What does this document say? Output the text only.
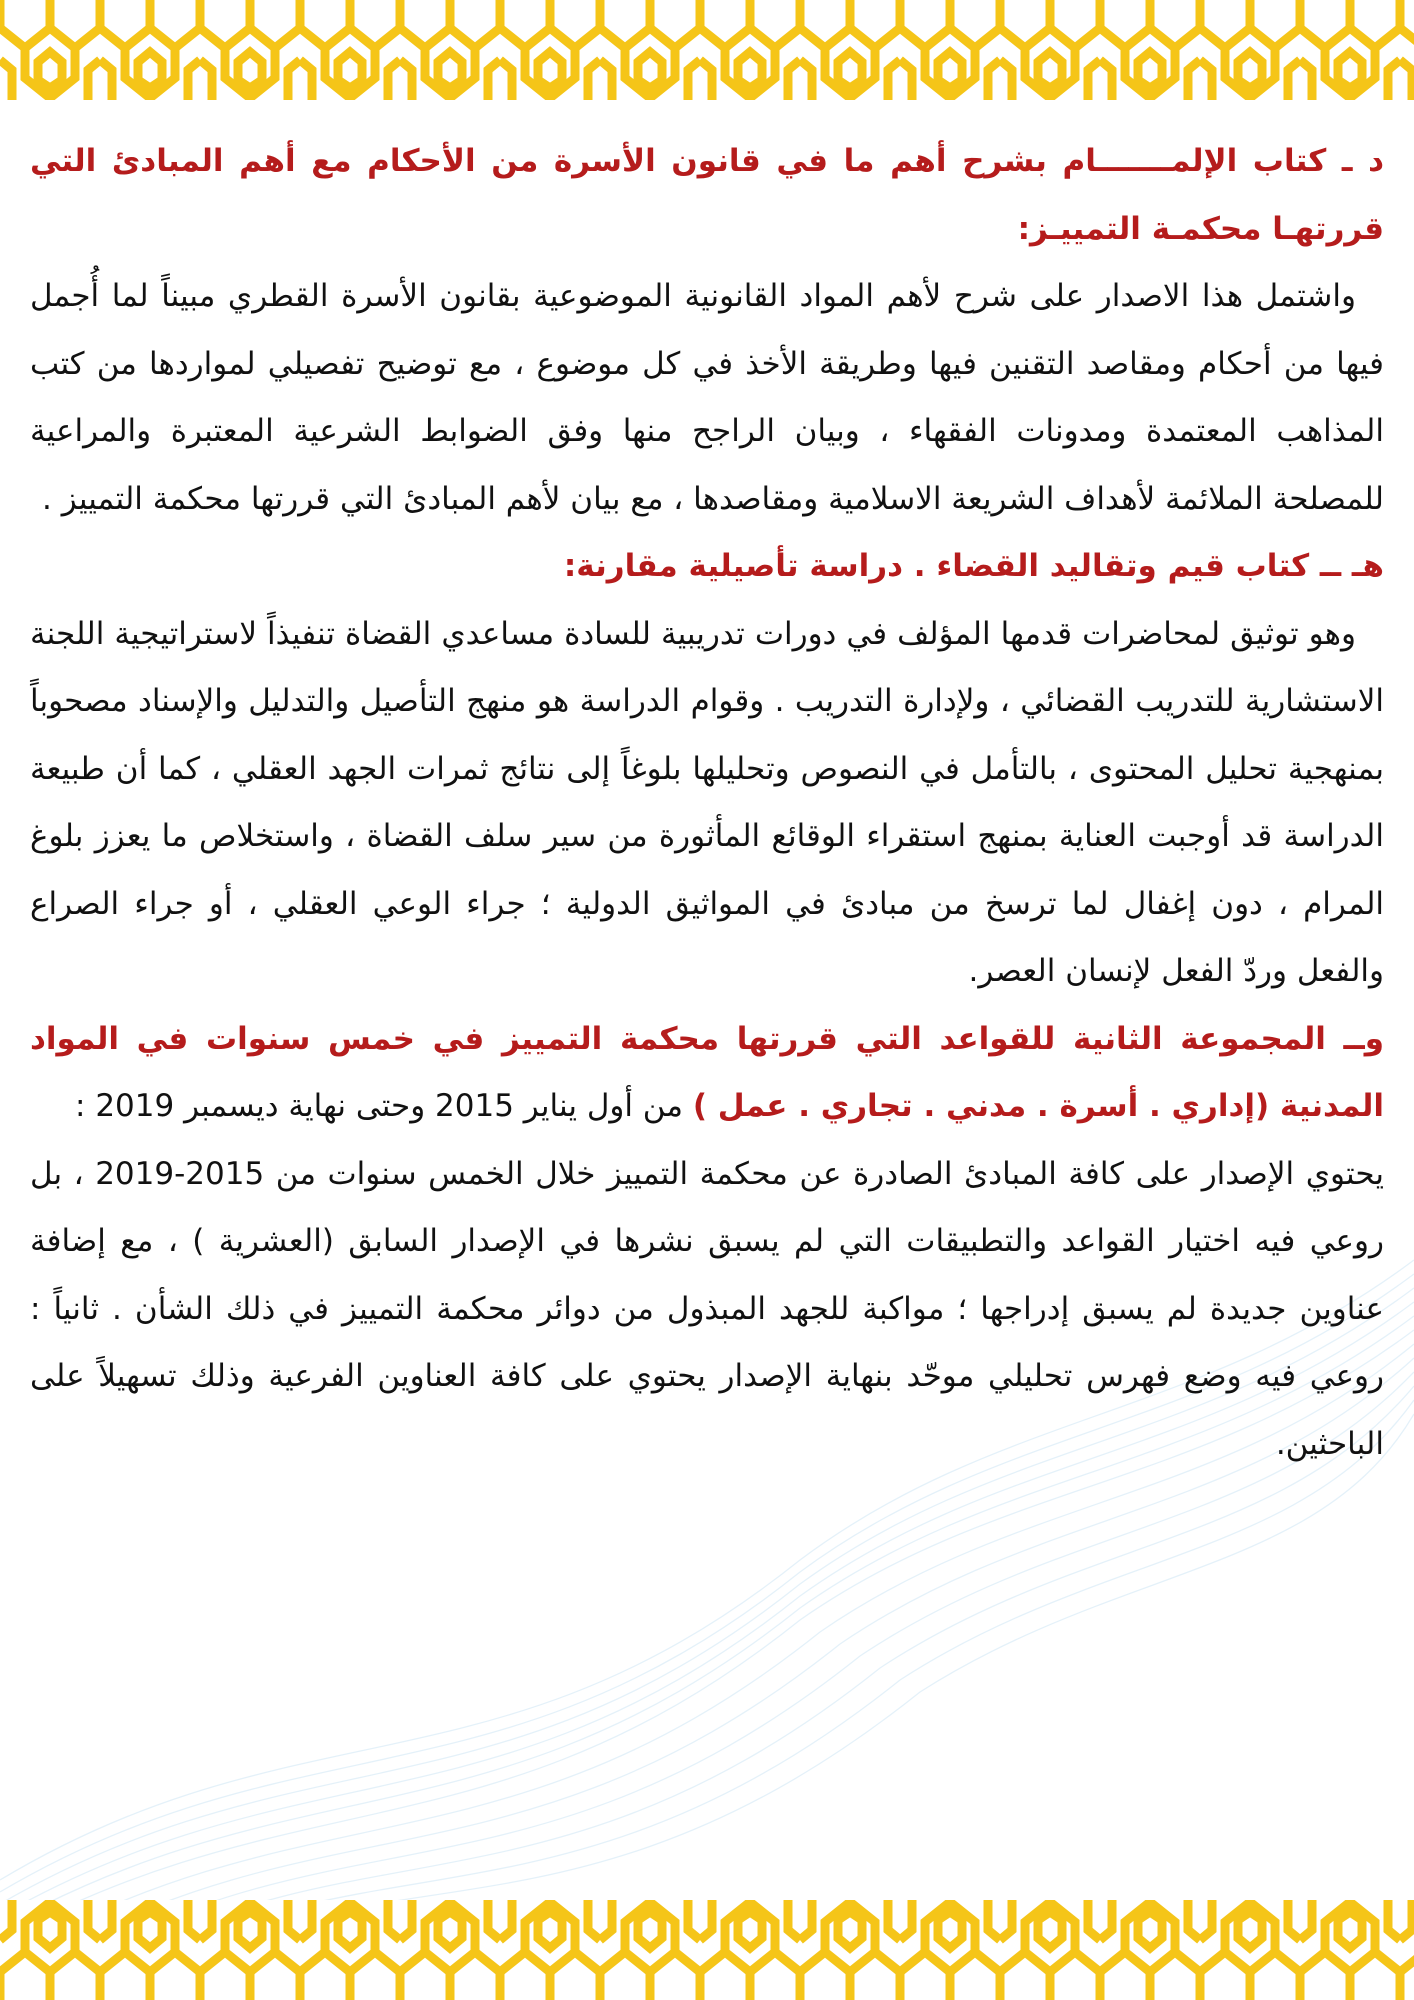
د ـ كتاب الإلمـــــــام بشرح أهم ما في قانون الأسرة من الأحكام مع أهم المبادئ التي قررتهـا محكمـة التمييـز:

واشتمل هذا الاصدار على شرح لأهم المواد القانونية الموضوعية بقانون الأسرة القطري مبيناً لما أُجمل فيها من أحكام ومقاصد التقنين فيها وطريقة الأخذ في كل موضوع ، مع توضيح تفصيلي لمواردها من كتب المذاهب المعتمدة ومدونات الفقهاء ، وبيان الراجح منها وفق الضوابط الشرعية المعتبرة والمراعية للمصلحة الملائمة لأهداف الشريعة الاسلامية ومقاصدها ، مع بيان لأهم المبادئ التي قررتها محكمة التمييز .

هـ ــ كتاب قيم وتقاليد القضاء . دراسة تأصيلية مقارنة:

وهو توثيق لمحاضرات قدمها المؤلف في دورات تدريبية للسادة مساعدي القضاة تنفيذاً لاستراتيجية اللجنة الاستشارية للتدريب القضائي ، ولإدارة التدريب . وقوام الدراسة هو منهج التأصيل والتدليل والإسناد مصحوباً بمنهجية تحليل المحتوى ، بالتأمل في النصوص وتحليلها بلوغاً إلى نتائج ثمرات الجهد العقلي ، كما أن طبيعة الدراسة قد أوجبت العناية بمنهج استقراء الوقائع المأثورة من سير سلف القضاة ، واستخلاص ما يعزز بلوغ المرام ، دون إغفال لما ترسخ من مبادئ في المواثيق الدولية ؛ جراء الوعي العقلي ، أو جراء الصراع والفعل وردّ الفعل لإنسان العصر.

وــ المجموعة الثانية للقواعد التي قررتها محكمة التمييز في خمس سنوات في المواد المدنية (إداري . أسرة . مدني . تجاري . عمل ) من أول يناير 2015 وحتى نهاية ديسمبر 2019 :

يحتوي الإصدار على كافة المبادئ الصادرة عن محكمة التمييز خلال الخمس سنوات من 2015-2019 ، بل روعي فيه اختيار القواعد والتطبيقات التي لم يسبق نشرها في الإصدار السابق (العشرية ) ، مع إضافة عناوين جديدة لم يسبق إدراجها ؛ مواكبة للجهد المبذول من دوائر محكمة التمييز في ذلك الشأن . ثانياً : روعي فيه وضع فهرس تحليلي موحّد بنهاية الإصدار يحتوي على كافة العناوين الفرعية وذلك تسهيلاً على الباحثين.
